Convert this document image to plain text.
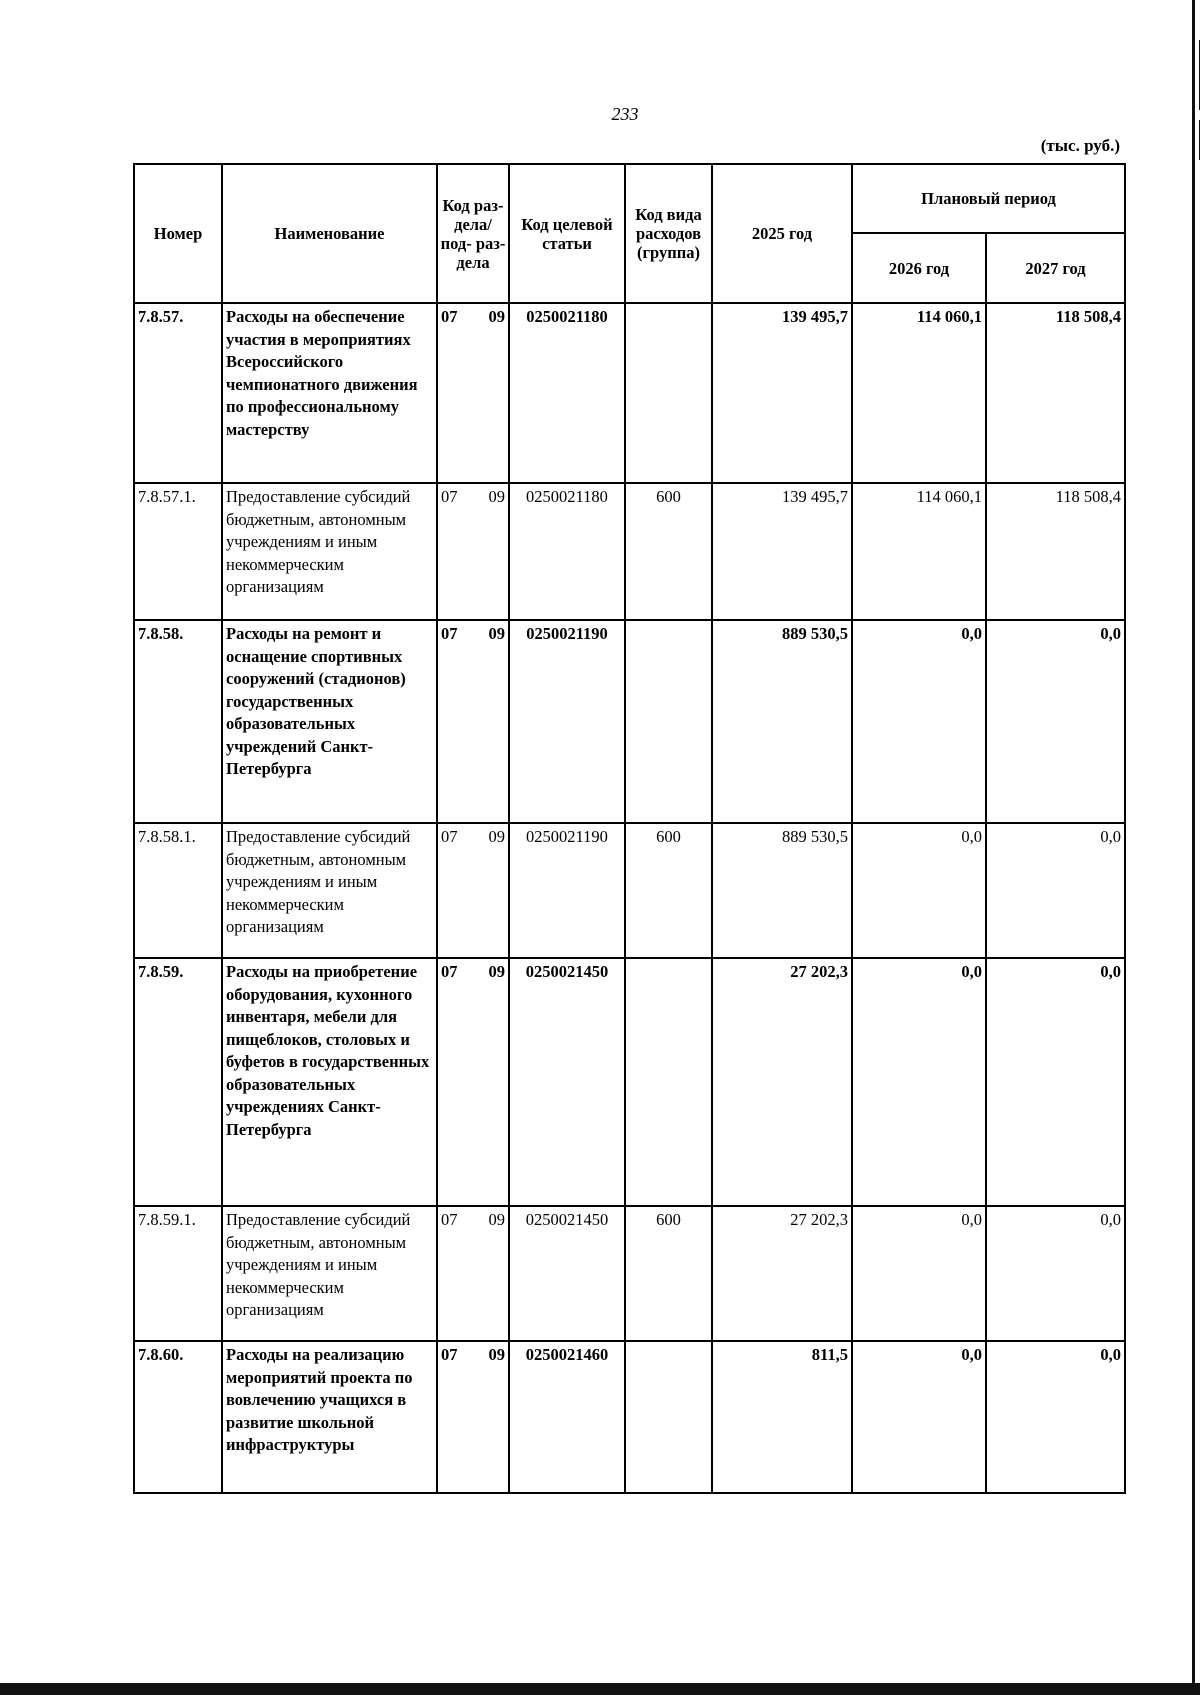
233
(тыс. руб.)
Номер	Наименование	Код раз- дела/ под- раз- дела	Код целевой статьи	Код вида расходов (группа)	2025 год	Плановый период	
						2026 год	2027 год
7.8.57.	Расходы на обеспечение участия в мероприятиях Всероссийского чемпионатного движения по профессиональному мастерству	07 09	0250021180		139 495,7	114 060,1	118 508,4
7.8.57.1.	Предоставление субсидий бюджетным, автономным учреждениям и иным некоммерческим организациям	07 09	0250021180	600	139 495,7	114 060,1	118 508,4
7.8.58.	Расходы на ремонт и оснащение спортивных сооружений (стадионов) государственных образовательных учреждений Санкт-Петербурга	07 09	0250021190		889 530,5	0,0	0,0
7.8.58.1.	Предоставление субсидий бюджетным, автономным учреждениям и иным некоммерческим организациям	07 09	0250021190	600	889 530,5	0,0	0,0
7.8.59.	Расходы на приобретение оборудования, кухонного инвентаря, мебели для пищеблоков, столовых и буфетов в государственных образовательных учреждениях Санкт-Петербурга	07 09	0250021450		27 202,3	0,0	0,0
7.8.59.1.	Предоставление субсидий бюджетным, автономным учреждениям и иным некоммерческим организациям	07 09	0250021450	600	27 202,3	0,0	0,0
7.8.60.	Расходы на реализацию мероприятий проекта по вовлечению учащихся в развитие школьной инфраструктуры	07 09	0250021460		811,5	0,0	0,0
